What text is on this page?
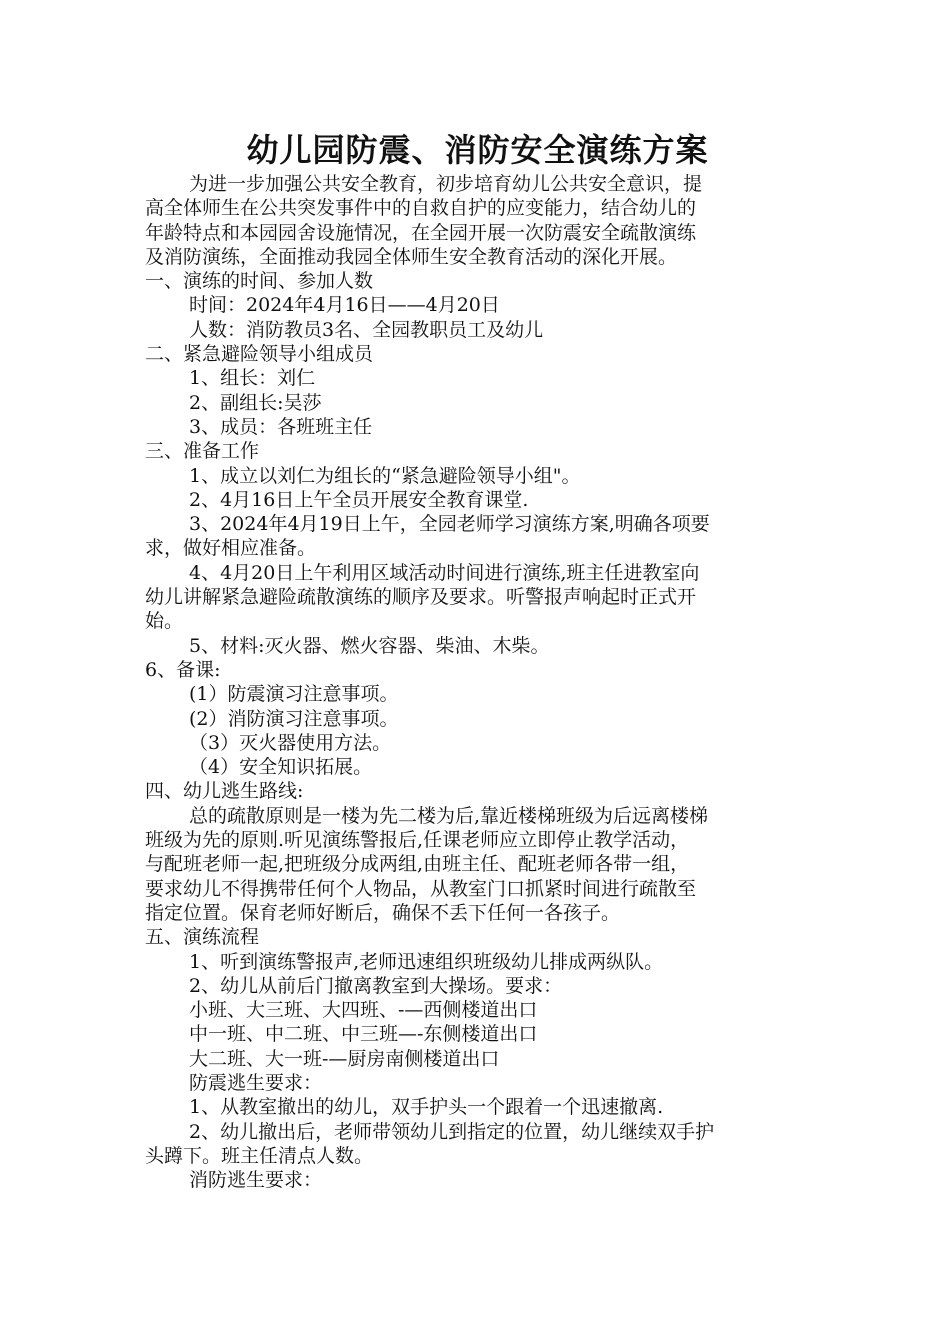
幼儿园防震、消防安全演练方案

为进一步加强公共安全教育，初步培育幼儿公共安全意识，提

高全体师生在公共突发事件中的自救自护的应变能力，结合幼儿的

年龄特点和本园园舍设施情况，在全园开展一次防震安全疏散演练

及消防演练，全面推动我园全体师生安全教育活动的深化开展。

一、演练的时间、参加人数

时间：2024年4月16日——4月20日

人数：消防教员3名、全园教职员工及幼儿

二、紧急避险领导小组成员

1、组长：刘仁

2、副组长:吴莎

3、成员：各班班主任

三、准备工作

1、成立以刘仁为组长的“紧急避险领导小组"。

2、4月16日上午全员开展安全教育课堂.

3、2024年4月19日上午，全园老师学习演练方案,明确各项要

求，做好相应准备。

4、4月20日上午利用区域活动时间进行演练,班主任进教室向

幼儿讲解紧急避险疏散演练的顺序及要求。听警报声响起时正式开

始。

5、材料:灭火器、燃火容器、柴油、木柴。

6、备课:

(1）防震演习注意事项。

(2）消防演习注意事项。

（3）灭火器使用方法。

（4）安全知识拓展。

四、幼儿逃生路线:

总的疏散原则是一楼为先二楼为后,靠近楼梯班级为后远离楼梯

班级为先的原则.听见演练警报后,任课老师应立即停止教学活动，

与配班老师一起,把班级分成两组,由班主任、配班老师各带一组，

要求幼儿不得携带任何个人物品，从教室门口抓紧时间进行疏散至

指定位置。保育老师好断后，确保不丢下任何一各孩子。

五、演练流程

1、听到演练警报声,老师迅速组织班级幼儿排成两纵队。

2、幼儿从前后门撤离教室到大操场。要求：

小班、大三班、大四班、-—西侧楼道出口

中一班、中二班、中三班—-东侧楼道出口

大二班、大一班-—厨房南侧楼道出口

防震逃生要求：

1、从教室撤出的幼儿，双手护头一个跟着一个迅速撤离.

2、幼儿撤出后，老师带领幼儿到指定的位置，幼儿继续双手护

头蹲下。班主任清点人数。

消防逃生要求：
